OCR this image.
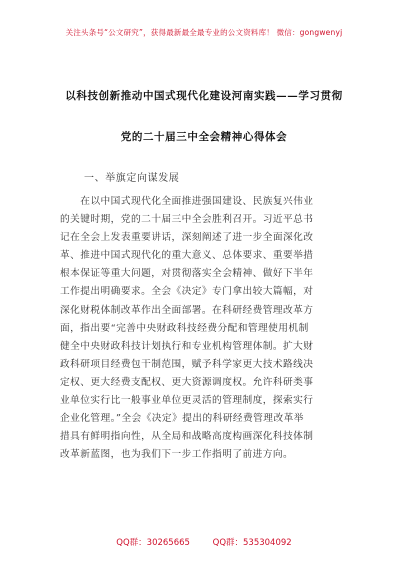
关注头条号“公文研究”，获得最新最全最专业的公文资料库！ 微信：gongwenyj
以科技创新推动中国式现代化建设河南实践——学习贯彻
党的二十届三中全会精神心得体会
一、举旗定向谋发展
　　在以中国式现代化全面推进强国建设、民族复兴伟业
的关键时期，党的二十届三中全会胜利召开。习近平总书
记在全会上发表重要讲话，深刻阐述了进一步全面深化改
革、推进中国式现代化的重大意义、总体要求、重要举措
根本保证等重大问题，对贯彻落实全会精神、做好下半年
工作提出明确要求。全会《决定》专门拿出较大篇幅，对
深化财税体制改革作出全面部署。在科研经费管理改革方
面，指出要“完善中央财政科技经费分配和管理使用机制
健全中央财政科技计划执行和专业机构管理体制。扩大财
政科研项目经费包干制范围，赋予科学家更大技术路线决
定权、更大经费支配权、更大资源调度权。允许科研类事
业单位实行比一般事业单位更灵活的管理制度，探索实行
企业化管理。”全会《决定》提出的科研经费管理改革举
措具有鲜明指向性，从全局和战略高度构画深化科技体制
改革新蓝图，也为我们下一步工作指明了前进方向。
QQ群：30265665	QQ群：535304092
